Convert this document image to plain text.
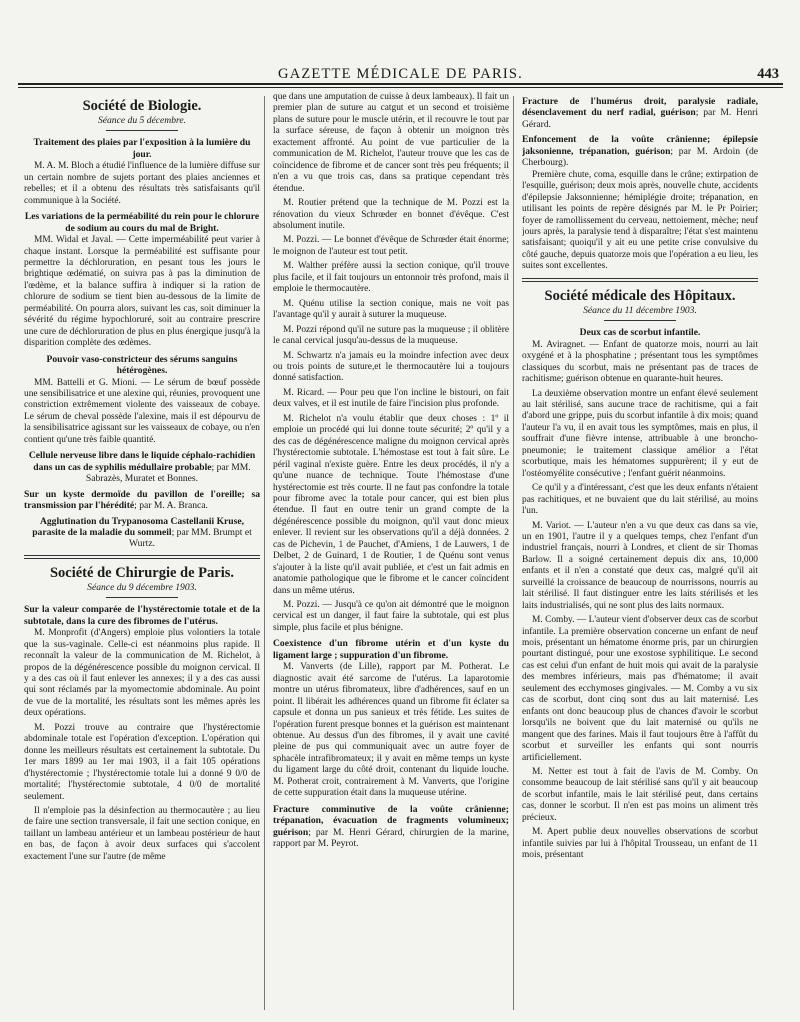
GAZETTE MÉDICALE DE PARIS.	443
Société de Biologie.
Séance du 5 décembre.
Traitement des plaies par l'exposition à la lumière du jour.

M. A. M. Bloch a étudié l'influence de la lumière diffuse sur un certain nombre de sujets portant des plaies anciennes et rebelles; et il a obtenu des résultats très satisfaisants qu'il communique à la Société.

Les variations de la perméabilité du rein pour le chlorure de sodium au cours du mal de Bright.

MM. Widal et Javal. — Cette imperméabilité peut varier à chaque instant. Lorsque la perméabilité est suffisante pour permettre la déchloruration, en pesant tous les jours le brightique œdématié, on suivra pas à pas la diminution de l'œdème, et la balance suffira à indiquer si la ration de chlorure de sodium se tient bien au-dessous de la limite de perméabilité. On pourra alors, suivant les cas, soit diminuer la sévérité du régime hypochloruré, soit au contraire prescrire une cure de déchloruration de plus en plus énergique jusqu'à la disparition complète des œdèmes.

Pouvoir vaso-constricteur des sérums sanguins hétérogènes.

MM. Battelli et G. Mioni. — Le sérum de bœuf possède une sensibilisatrice et une alexine qui, réunies, provoquent une constriction extrêmement violente des vaisseaux de cobaye. Le sérum de cheval possède l'alexine, mais il est dépourvu de la sensibilisatrice agissant sur les vaisseaux de cobaye, ou n'en contient qu'une très faible quantité.

Cellule nerveuse libre dans le liquide céphalo-rachidien dans un cas de syphilis médullaire probable; par MM. Sabrazès, Muratet et Bonnes.
Sur un kyste dermoïde du pavillon de l'oreille; sa transmission par l'hérédité; par M. A. Branca.
Agglutination du Trypanosoma Castellanii Kruse, parasite de la maladie du sommeil; par MM. Brumpt et Wurtz.
Société de Chirurgie de Paris.
Séance du 9 décembre 1903.
Sur la valeur comparée de l'hystérectomie totale et de la subtotale, dans la cure des fibromes de l'utérus.

M. Monprofit (d'Angers) emploie plus volontiers la totale que la sus-vaginale. Celle-ci est néanmoins plus rapide. Il reconnaît la valeur de la communication de M. Richelot, à propos de la dégénérescence possible du moignon cervical. Il y a des cas où il faut enlever les annexes; il y a des cas aussi qui sont réclamés par la myomectomie abdominale. Au point de vue de la mortalité, les résultats sont les mêmes après les deux opérations.

M. Pozzi trouve au contraire que l'hystérectomie abdominale totale est l'opération d'exception. L'opération qui donne les meilleurs résultats est certainement la subtotale. Du 1er mars 1899 au 1er mai 1903, il a fait 105 opérations d'hystérectomie ; l'hystérectomie totale lui a donné 9 0/0 de mortalité; l'hystérectomie subtotale, 4 0/0 de mortalité seulement.

Il n'emploie pas la désinfection au thermocautère ; au lieu de faire une section transversale, il fait une section conique, en taillant un lambeau antérieur et un lambeau postérieur de haut en bas, de façon à avoir deux surfaces qui s'accolent exactement l'une sur l'autre (de même

que dans une amputation de cuisse à deux lambeaux). Il fait un premier plan de suture au catgut et un second et troisième plans de suture pour le muscle utérin, et il recouvre le tout par la surface séreuse, de façon à obtenir un moignon très exactement affronté. Au point de vue particulier de la communication de M. Richelot, l'auteur trouve que les cas de coïncidence de fibrome et de cancer sont très peu fréquents; il n'en a vu que trois cas, dans sa pratique cependant très étendue.

M. Routier prétend que la technique de M. Pozzi est la rénovation du vieux Schrœder en bonnet d'évêque. C'est absolument inutile.

M. Pozzi. — Le bonnet d'évêque de Schrœder était énorme; le moignon de l'auteur est tout petit.

M. Walther préfère aussi la section conique, qu'il trouve plus facile, et il fait toujours un entonnoir très profond, mais il emploie le thermocautère.

M. Quénu utilise la section conique, mais ne voit pas l'avantage qu'il y aurait à suturer la muqueuse.

M. Pozzi répond qu'il ne suture pas la muqueuse ; il oblitère le canal cervical jusqu'au-dessus de la muqueuse.

M. Schwartz n'a jamais eu la moindre infection avec deux ou trois points de suture,et le thermocautère lui a toujours donné satisfaction.

M. Ricard. — Pour peu que l'on incline le bistouri, on fait deux valves, et il est inutile de faire l'incision plus profonde.

M. Richelot n'a voulu établir que deux choses : 1º il emploie un procédé qui lui donne toute sécurité; 2º qu'il y a des cas de dégénérescence maligne du moignon cervical après l'hystérectomie subtotale. L'hémostase est tout à fait sûre. Le péril vaginal n'existe guère. Entre les deux procédés, il n'y a qu'une nuance de technique. Toute l'hémostase d'une hystérectomie est très courte. Il ne faut pas confondre la totale pour fibrome avec la totale pour cancer, qui est bien plus étendue. Il faut en outre tenir un grand compte de la dégénérescence possible du moignon, qu'il vaut donc mieux enlever. Il revient sur les observations qu'il a déjà données. 2 cas de Pichevin, 1 de Pauchet, d'Amiens, 1 de Lauwers, 1 de Delbet, 2 de Guinard, 1 de Routier, 1 de Quénu sont venus s'ajouter à la liste qu'il avait publiée, et c'est un fait admis en anatomie pathologique que le fibrome et le cancer coïncident dans un même utérus.

M. Pozzi. — Jusqu'à ce qu'on ait démontré que le moignon cervical est un danger, il faut faire la subtotale, qui est plus simple, plus facile et plus bénigne.

Coexistence d'un fibrome utérin et d'un kyste du ligament large ; suppuration d'un fibrome.

M. Vanverts (de Lille), rapport par M. Potherat. Le diagnostic avait été sarcome de l'utérus. La laparotomie montre un utérus fibromateux, libre d'adhérences, sauf en un point. Il libérait les adhérences quand un fibrome fit éclater sa capsule et donna un pus sanieux et très fétide. Les suites de l'opération furent presque bonnes et la guérison est maintenant obtenue. Au dessus d'un des fibromes, il y avait une cavité pleine de pus qui communiquait avec un autre foyer de sphacèle intrafibromateux; il y avait en même temps un kyste du ligament large du côté droit, contenant du liquide louche. M. Potherat croit, contrairement à M. Vanverts, que l'origine de cette suppuration était dans la muqueuse utérine.

Fracture comminutive de la voûte crânienne; trépanation, évacuation de fragments volumineux; guérison; par M. Henri Gérard, chirurgien de la marine, rapport par M. Peyrot.
Fracture de l'humérus droit, paralysie radiale, désenclavement du nerf radial, guérison; par M. Henri Gérard.
Enfoncement de la voûte crânienne; épilepsie jaksonienne, trépanation, guérison; par M. Ardoin (de Cherbourg).

Première chute, coma, esquille dans le crâne; extirpation de l'esquille, guérison; deux mois après, nouvelle chute, accidents d'épilepsie Jaksonnienne; hémiplégie droite; trépanation, en utilisant les points de repère désignés par M. le Pr Poirier; foyer de ramollissement du cerveau, nettoiement, mèche; neuf jours après, la paralysie tend à disparaître; l'état s'est maintenu satisfaisant; quoiqu'il y ait eu une petite crise convulsive du côté gauche, depuis quatorze mois que l'opération a eu lieu, les suites sont excellentes.

Société médicale des Hôpitaux.
Séance du 11 décembre 1903.
Deux cas de scorbut infantile.

M. Aviragnet. — Enfant de quatorze mois, nourri au lait oxygéné et à la phosphatine ; présentant tous les symptômes classiques du scorbut, mais ne présentant pas de traces de rachitisme; guérison obtenue en quarante-huit heures.

La deuxième observation montre un enfant élevé seulement au lait stérilisé, sans aucune trace de rachitisme, qui a fait d'abord une grippe, puis du scorbut infantile à dix mois; quand l'auteur l'a vu, il en avait tous les symptômes, mais en plus, il souffrait d'une fièvre intense, attribuable à une broncho-pneumonie; le traitement classique amélior a l'état scorbutique, mais les hématomes suppurèrent; il y eut de l'ostéomyélite consécutive ; l'enfant guérit néanmoins.

Ce qu'il y a d'intéressant, c'est que les deux enfants n'étaient pas rachitiques, et ne buvaient que du lait stérilisé, au moins l'un.

M. Variot. — L'auteur n'en a vu que deux cas dans sa vie, un en 1901, l'autre il y a quelques temps, chez l'enfant d'un industriel français, nourri à Londres, et client de sir Thomas Barlow. Il a soigné certainement depuis dix ans, 10,000 enfants et il n'en a constaté que deux cas, malgré qu'il ait surveillé la croissance de beaucoup de nourrissons, nourris au lait stérilisé. Il faut distinguer entre les laits stérilisés et les laits industrialisés, qui ne sont plus des laits normaux.

M. Comby. — L'auteur vient d'observer deux cas de scorbut infantile. La première observation concerne un enfant de neuf mois, présentant un hématome énorme pris, par un chirurgien pourtant distingué, pour une exostose syphilitique. Le second cas est celui d'un enfant de huit mois qui avait de la paralysie des membres inférieurs, mais pas d'hématome; il avait seulement des ecchymoses gingivales. — M. Comby a vu six cas de scorbut, dont cinq sont dus au lait maternisé. Les enfants ont donc beaucoup plus de chances d'avoir le scorbut lorsqu'ils ne boivent que du lait maternisé ou qu'ils ne mangent que des farines. Mais il faut toujours être à l'affût du scorbut et surveiller les enfants qui sont nourris artificiellement.

M. Netter est tout à fait de l'avis de M. Comby. On consomme beaucoup de lait stérilisé sans qu'il y ait beaucoup de scorbut infantile, mais le lait stérilisé peut, dans certains cas, donner le scorbut. Il n'en est pas moins un aliment très précieux.

M. Apert publie deux nouvelles observations de scorbut infantile suivies par lui à l'hôpital Trousseau, un enfant de 11 mois, présentant
